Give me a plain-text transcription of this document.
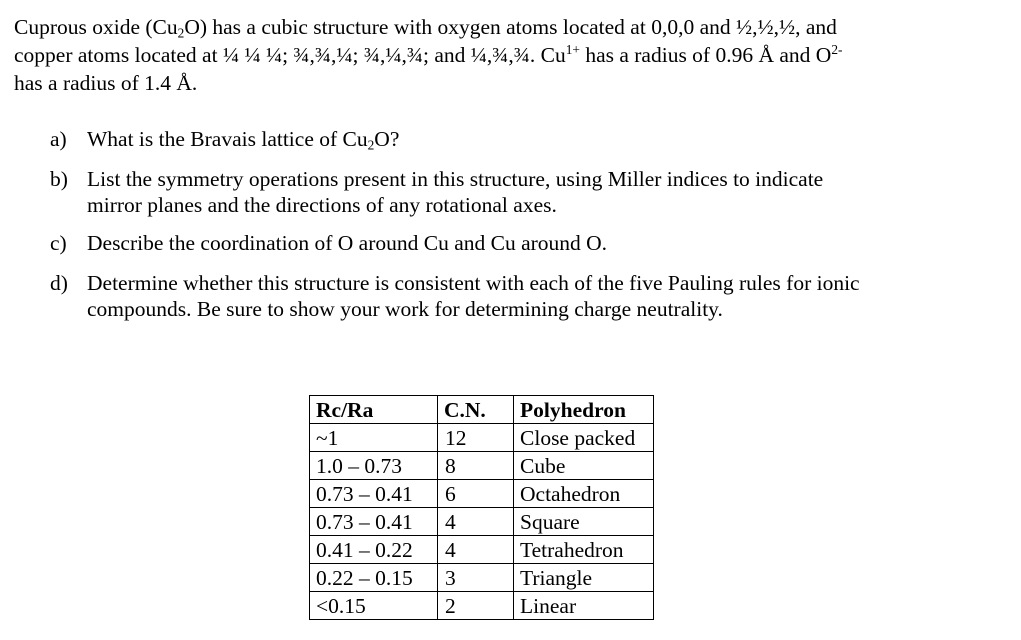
Cuprous oxide $(Cu_2O)$ has a cubic structure with oxygen atoms located at 0,0,0 and ½,½,½, and
copper atoms located at ¼ ¼ ¼; ¾,¾,¼; ¾,¼,¾; and ¼,¾,¾. $Cu^{1+}$ has a radius of 0.96 Å and $O^{2-}$
has a radius of 1.4 Å.
a) What is the Bravais lattice of $Cu_2O$?
b) List the symmetry operations present in this structure, using Miller indices to indicate
mirror planes and the directions of any rotational axes.
c) Describe the coordination of O around Cu and Cu around O.
d) Determine whether this structure is consistent with each of the five Pauling rules for ionic
compounds. Be sure to show your work for determining charge neutrality.
Rc/Ra	C.N.	Polyhedron
~1	12	Close packed
1.0 – 0.73	8	Cube
0.73 – 0.41	6	Octahedron
0.73 – 0.41	4	Square
0.41 – 0.22	4	Tetrahedron
0.22 – 0.15	3	Triangle
<0.15	2	Linear
